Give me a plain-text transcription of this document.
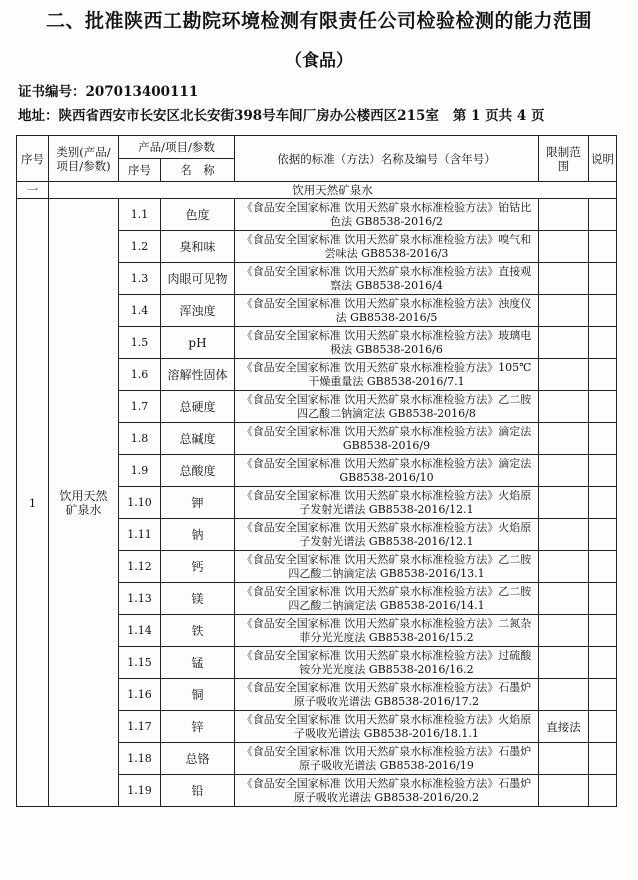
二、批准陕西工勘院环境检测有限责任公司检验检测的能力范围
（食品）
证书编号：207013400111
地址：陕西省西安市长安区北长安街398号车间厂房办公楼西区215室 第 1 页共 4 页
序号	类别(产品/项目/参数)	产品/项目/参数		依据的标准（方法）名称及编号（含年号）	限制范围	说明
		序号	名　称			
一	饮用天然矿泉水					
1	饮用天然矿泉水	1.1	色度	《食品安全国家标准 饮用天然矿泉水标准检验方法》铂钴比色法 GB8538-2016/2		
		1.2	臭和味	《食品安全国家标准 饮用天然矿泉水标准检验方法》嗅气和尝味法 GB8538-2016/3		
		1.3	肉眼可见物	《食品安全国家标准 饮用天然矿泉水标准检验方法》直接观察法 GB8538-2016/4		
		1.4	浑浊度	《食品安全国家标准 饮用天然矿泉水标准检验方法》浊度仪法 GB8538-2016/5		
		1.5	pH	《食品安全国家标准 饮用天然矿泉水标准检验方法》玻璃电极法 GB8538-2016/6		
		1.6	溶解性固体	《食品安全国家标准 饮用天然矿泉水标准检验方法》105℃干燥重量法 GB8538-2016/7.1		
		1.7	总硬度	《食品安全国家标准 饮用天然矿泉水标准检验方法》乙二胺四乙酸二钠滴定法 GB8538-2016/8		
		1.8	总碱度	《食品安全国家标准 饮用天然矿泉水标准检验方法》滴定法 GB8538-2016/9		
		1.9	总酸度	《食品安全国家标准 饮用天然矿泉水标准检验方法》滴定法 GB8538-2016/10		
		1.10	钾	《食品安全国家标准 饮用天然矿泉水标准检验方法》火焰原子发射光谱法 GB8538-2016/12.1		
		1.11	钠	《食品安全国家标准 饮用天然矿泉水标准检验方法》火焰原子发射光谱法 GB8538-2016/12.1		
		1.12	钙	《食品安全国家标准 饮用天然矿泉水标准检验方法》乙二胺四乙酸二钠滴定法 GB8538-2016/13.1		
		1.13	镁	《食品安全国家标准 饮用天然矿泉水标准检验方法》乙二胺四乙酸二钠滴定法 GB8538-2016/14.1		
		1.14	铁	《食品安全国家标准 饮用天然矿泉水标准检验方法》二氮杂菲分光光度法 GB8538-2016/15.2		
		1.15	锰	《食品安全国家标准 饮用天然矿泉水标准检验方法》过硫酸铵分光光度法 GB8538-2016/16.2		
		1.16	铜	《食品安全国家标准 饮用天然矿泉水标准检验方法》石墨炉原子吸收光谱法 GB8538-2016/17.2		
		1.17	锌	《食品安全国家标准 饮用天然矿泉水标准检验方法》火焰原子吸收光谱法 GB8538-2016/18.1.1	直接法	
		1.18	总铬	《食品安全国家标准 饮用天然矿泉水标准检验方法》石墨炉原子吸收光谱法 GB8538-2016/19		
		1.19	铅	《食品安全国家标准 饮用天然矿泉水标准检验方法》石墨炉原子吸收光谱法 GB8538-2016/20.2		
